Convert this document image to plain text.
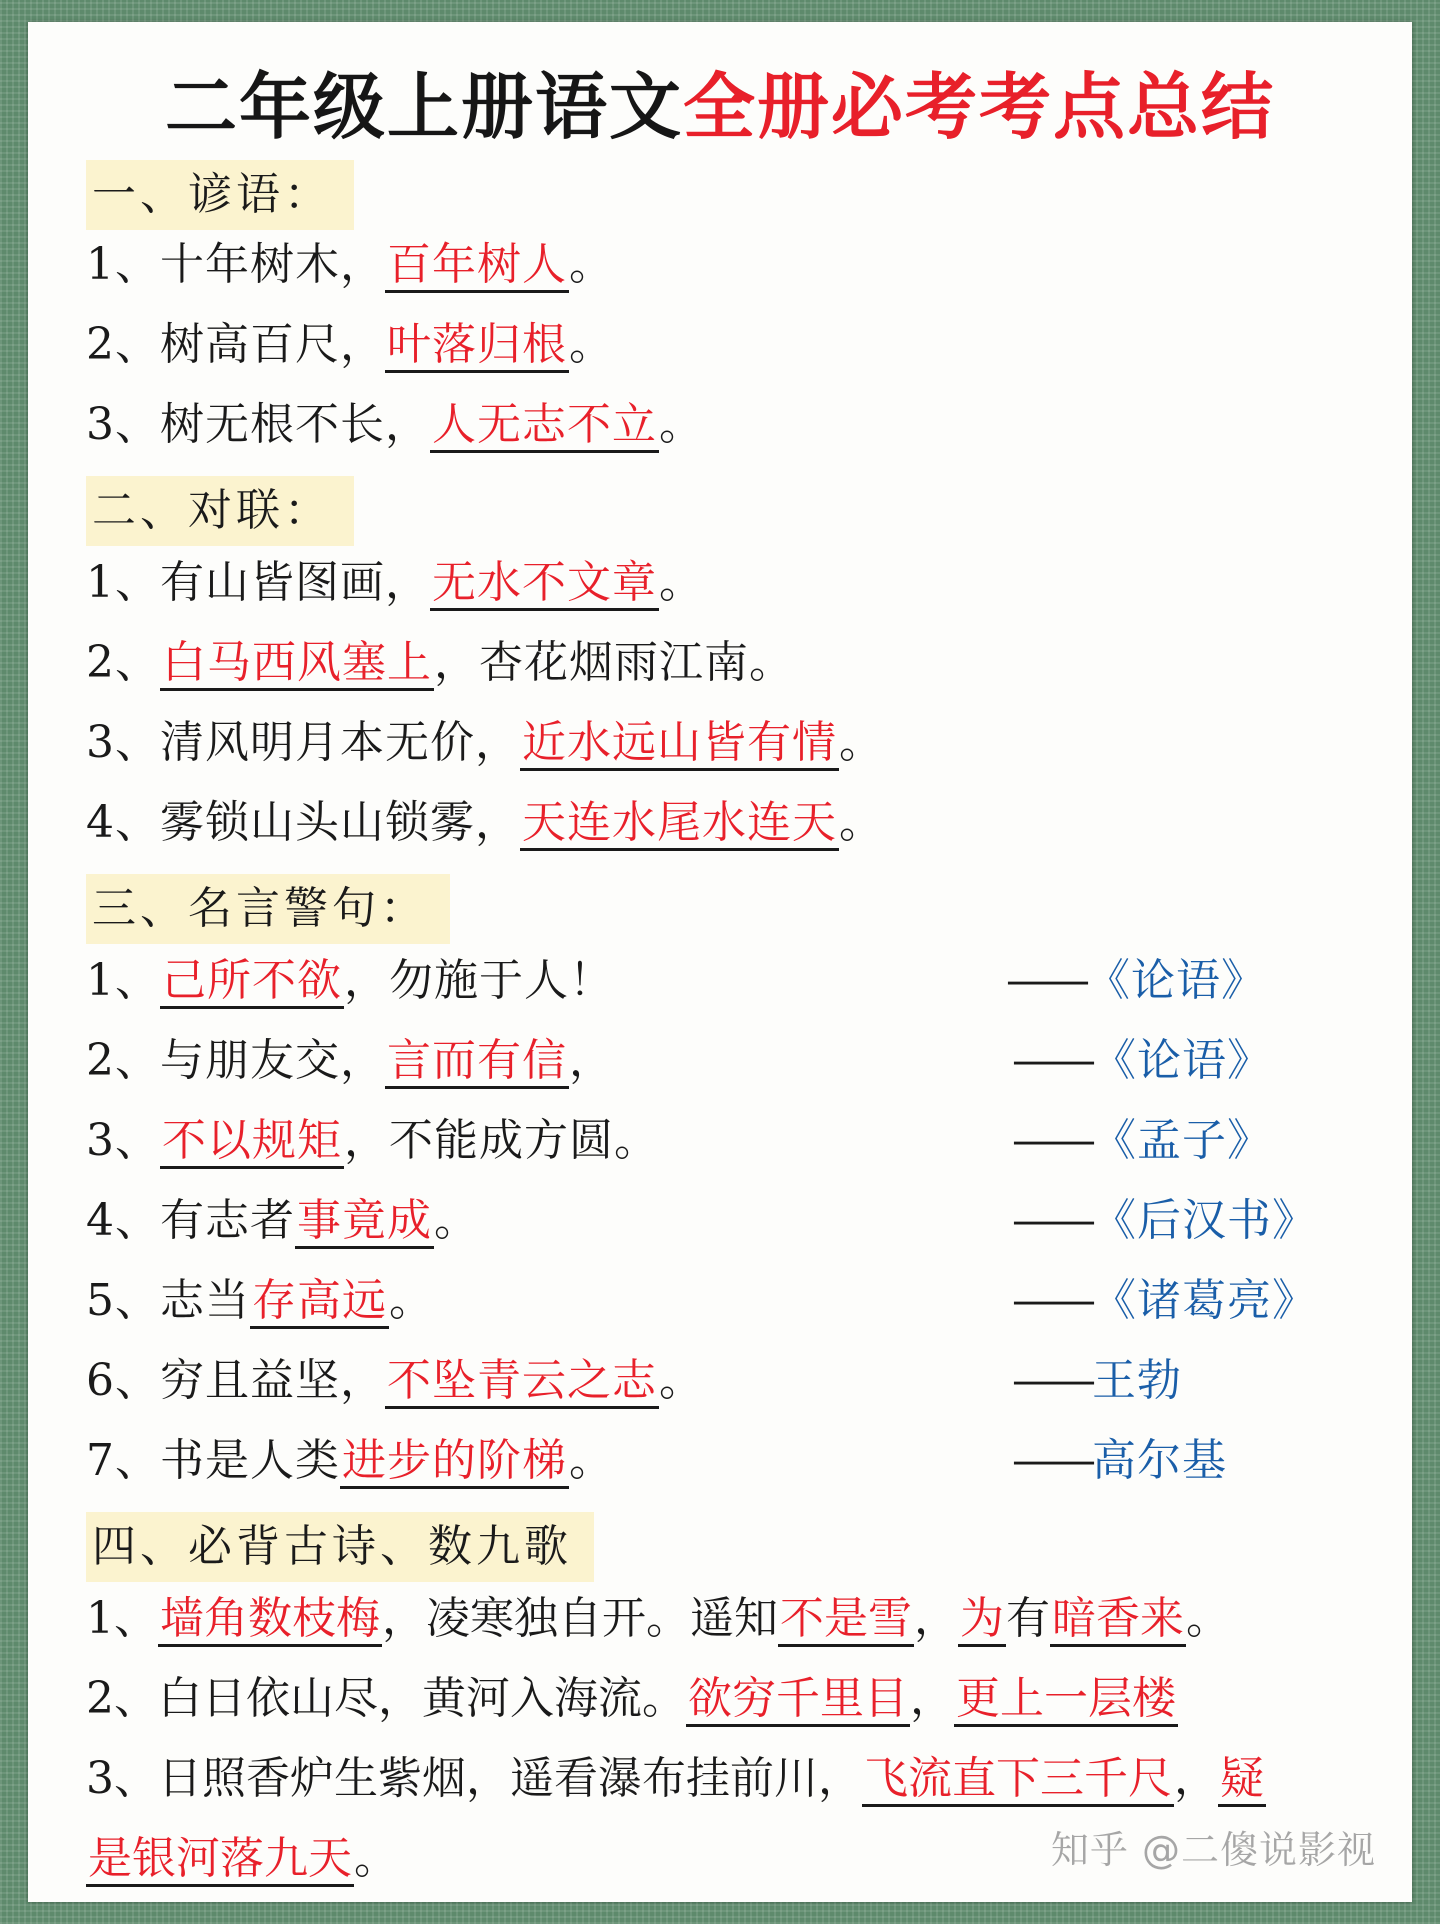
二年级上册语文全册必考考点总结
一、谚语：
1、十年树木，百年树人。
2、树高百尺，叶落归根。
3、树无根不长，人无志不立。
二、对联：
1、有山皆图画，无水不文章。
2、白马西风塞上，杏花烟雨江南。
3、清风明月本无价，近水远山皆有情。
4、雾锁山头山锁雾，天连水尾水连天。
三、名言警句：
1、己所不欲，勿施于人！	——《论语》
2、与朋友交，言而有信，	——《论语》
3、不以规矩，不能成方圆。	——《孟子》
4、有志者事竟成。	——《后汉书》
5、志当存高远。	——《诸葛亮》
6、穷且益坚，不坠青云之志。	——王勃
7、书是人类进步的阶梯。	——高尔基
四、必背古诗、数九歌
1、墙角数枝梅，凌寒独自开。遥知不是雪，为有暗香来。
2、白日依山尽，黄河入海流。欲穷千里目，更上一层楼
3、日照香炉生紫烟，遥看瀑布挂前川，飞流直下三千尺，疑
是银河落九天。	知乎 @二傻说影视
